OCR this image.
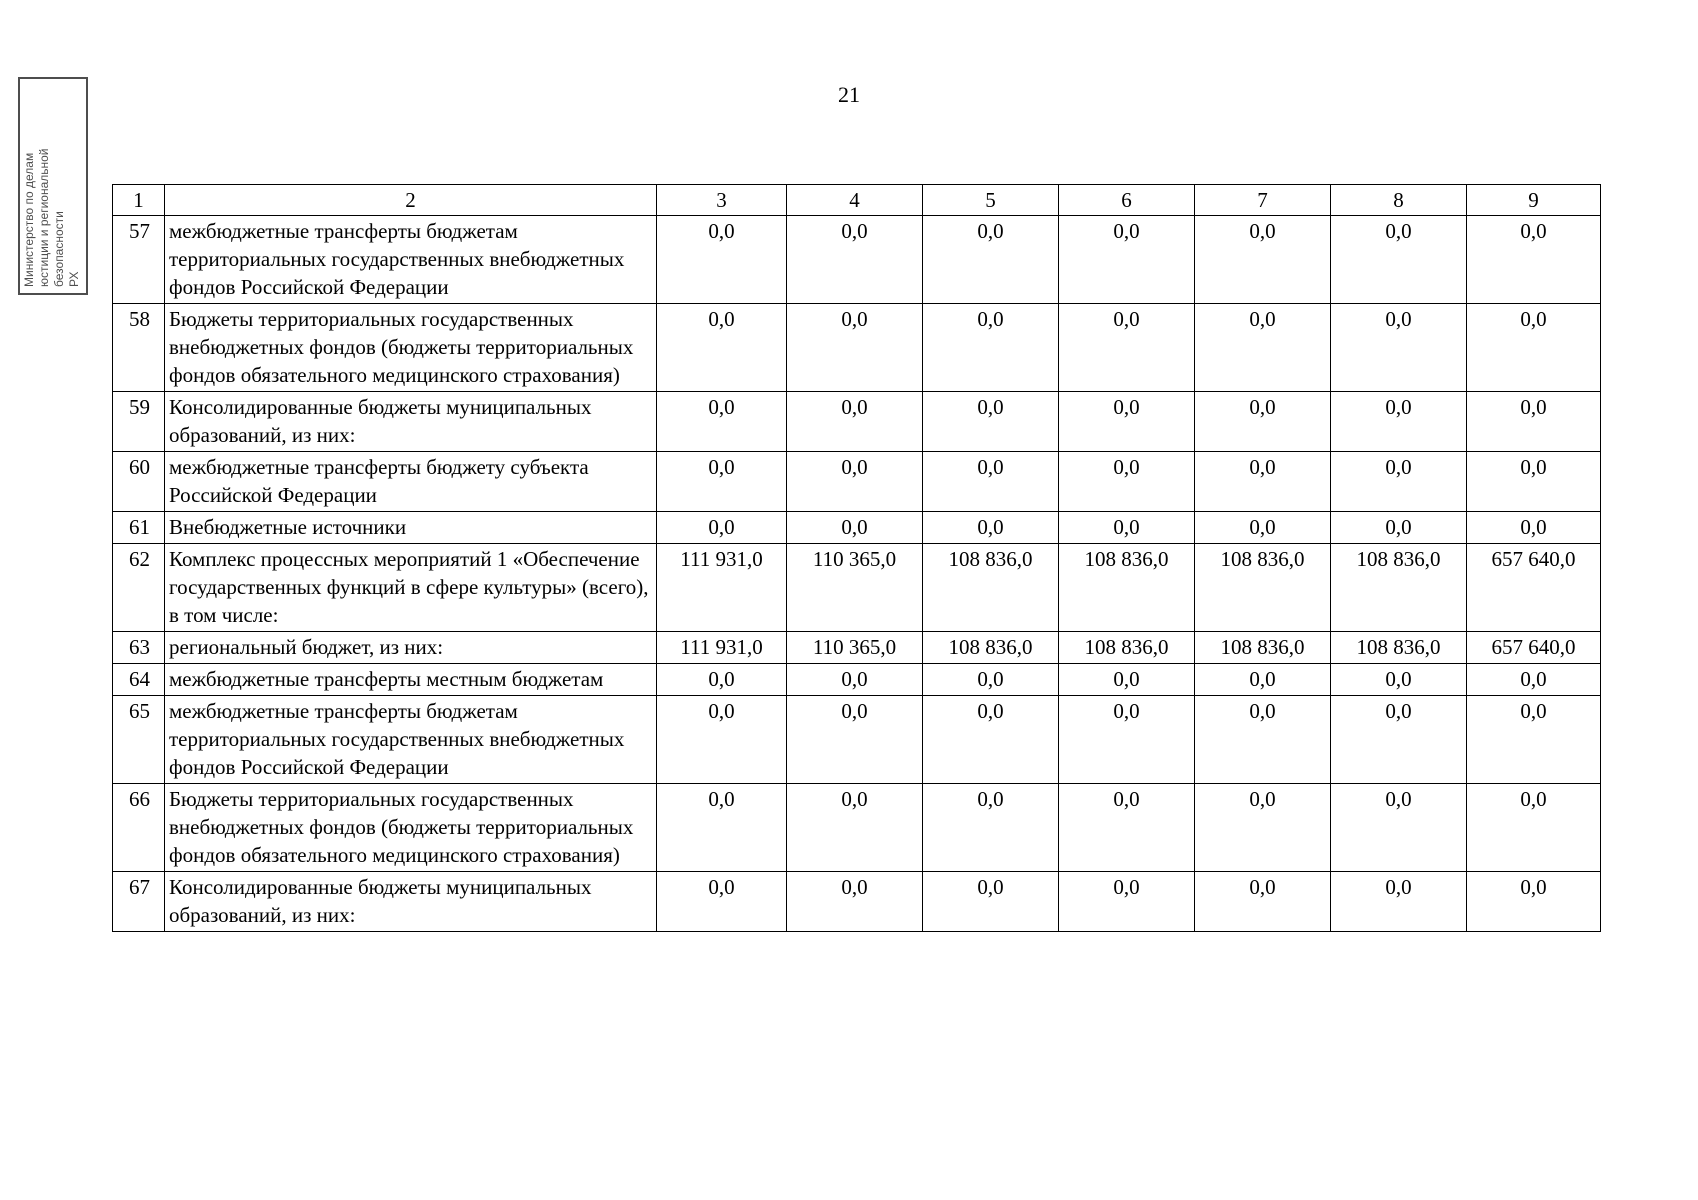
21
Министерство по делам юстиции и региональной безопасности РХ
1	2	3	4	5	6	7	8	9
57	межбюджетные трансферты бюджетам территориальных государственных внебюджетных фондов Российской Федерации	0,0	0,0	0,0	0,0	0,0	0,0	0,0
58	Бюджеты территориальных государственных внебюджетных фондов (бюджеты территориальных фондов обязательного медицинского страхования)	0,0	0,0	0,0	0,0	0,0	0,0	0,0
59	Консолидированные бюджеты муниципальных образований, из них:	0,0	0,0	0,0	0,0	0,0	0,0	0,0
60	межбюджетные трансферты бюджету субъекта Российской Федерации	0,0	0,0	0,0	0,0	0,0	0,0	0,0
61	Внебюджетные источники	0,0	0,0	0,0	0,0	0,0	0,0	0,0
62	Комплекс процессных мероприятий 1 «Обеспечение государственных функций в сфере культуры» (всего), в том числе:	111 931,0	110 365,0	108 836,0	108 836,0	108 836,0	108 836,0	657 640,0
63	региональный бюджет, из них:	111 931,0	110 365,0	108 836,0	108 836,0	108 836,0	108 836,0	657 640,0
64	межбюджетные трансферты местным бюджетам	0,0	0,0	0,0	0,0	0,0	0,0	0,0
65	межбюджетные трансферты бюджетам территориальных государственных внебюджетных фондов Российской Федерации	0,0	0,0	0,0	0,0	0,0	0,0	0,0
66	Бюджеты территориальных государственных внебюджетных фондов (бюджеты территориальных фондов обязательного медицинского страхования)	0,0	0,0	0,0	0,0	0,0	0,0	0,0
67	Консолидированные бюджеты муниципальных образований, из них:	0,0	0,0	0,0	0,0	0,0	0,0	0,0
